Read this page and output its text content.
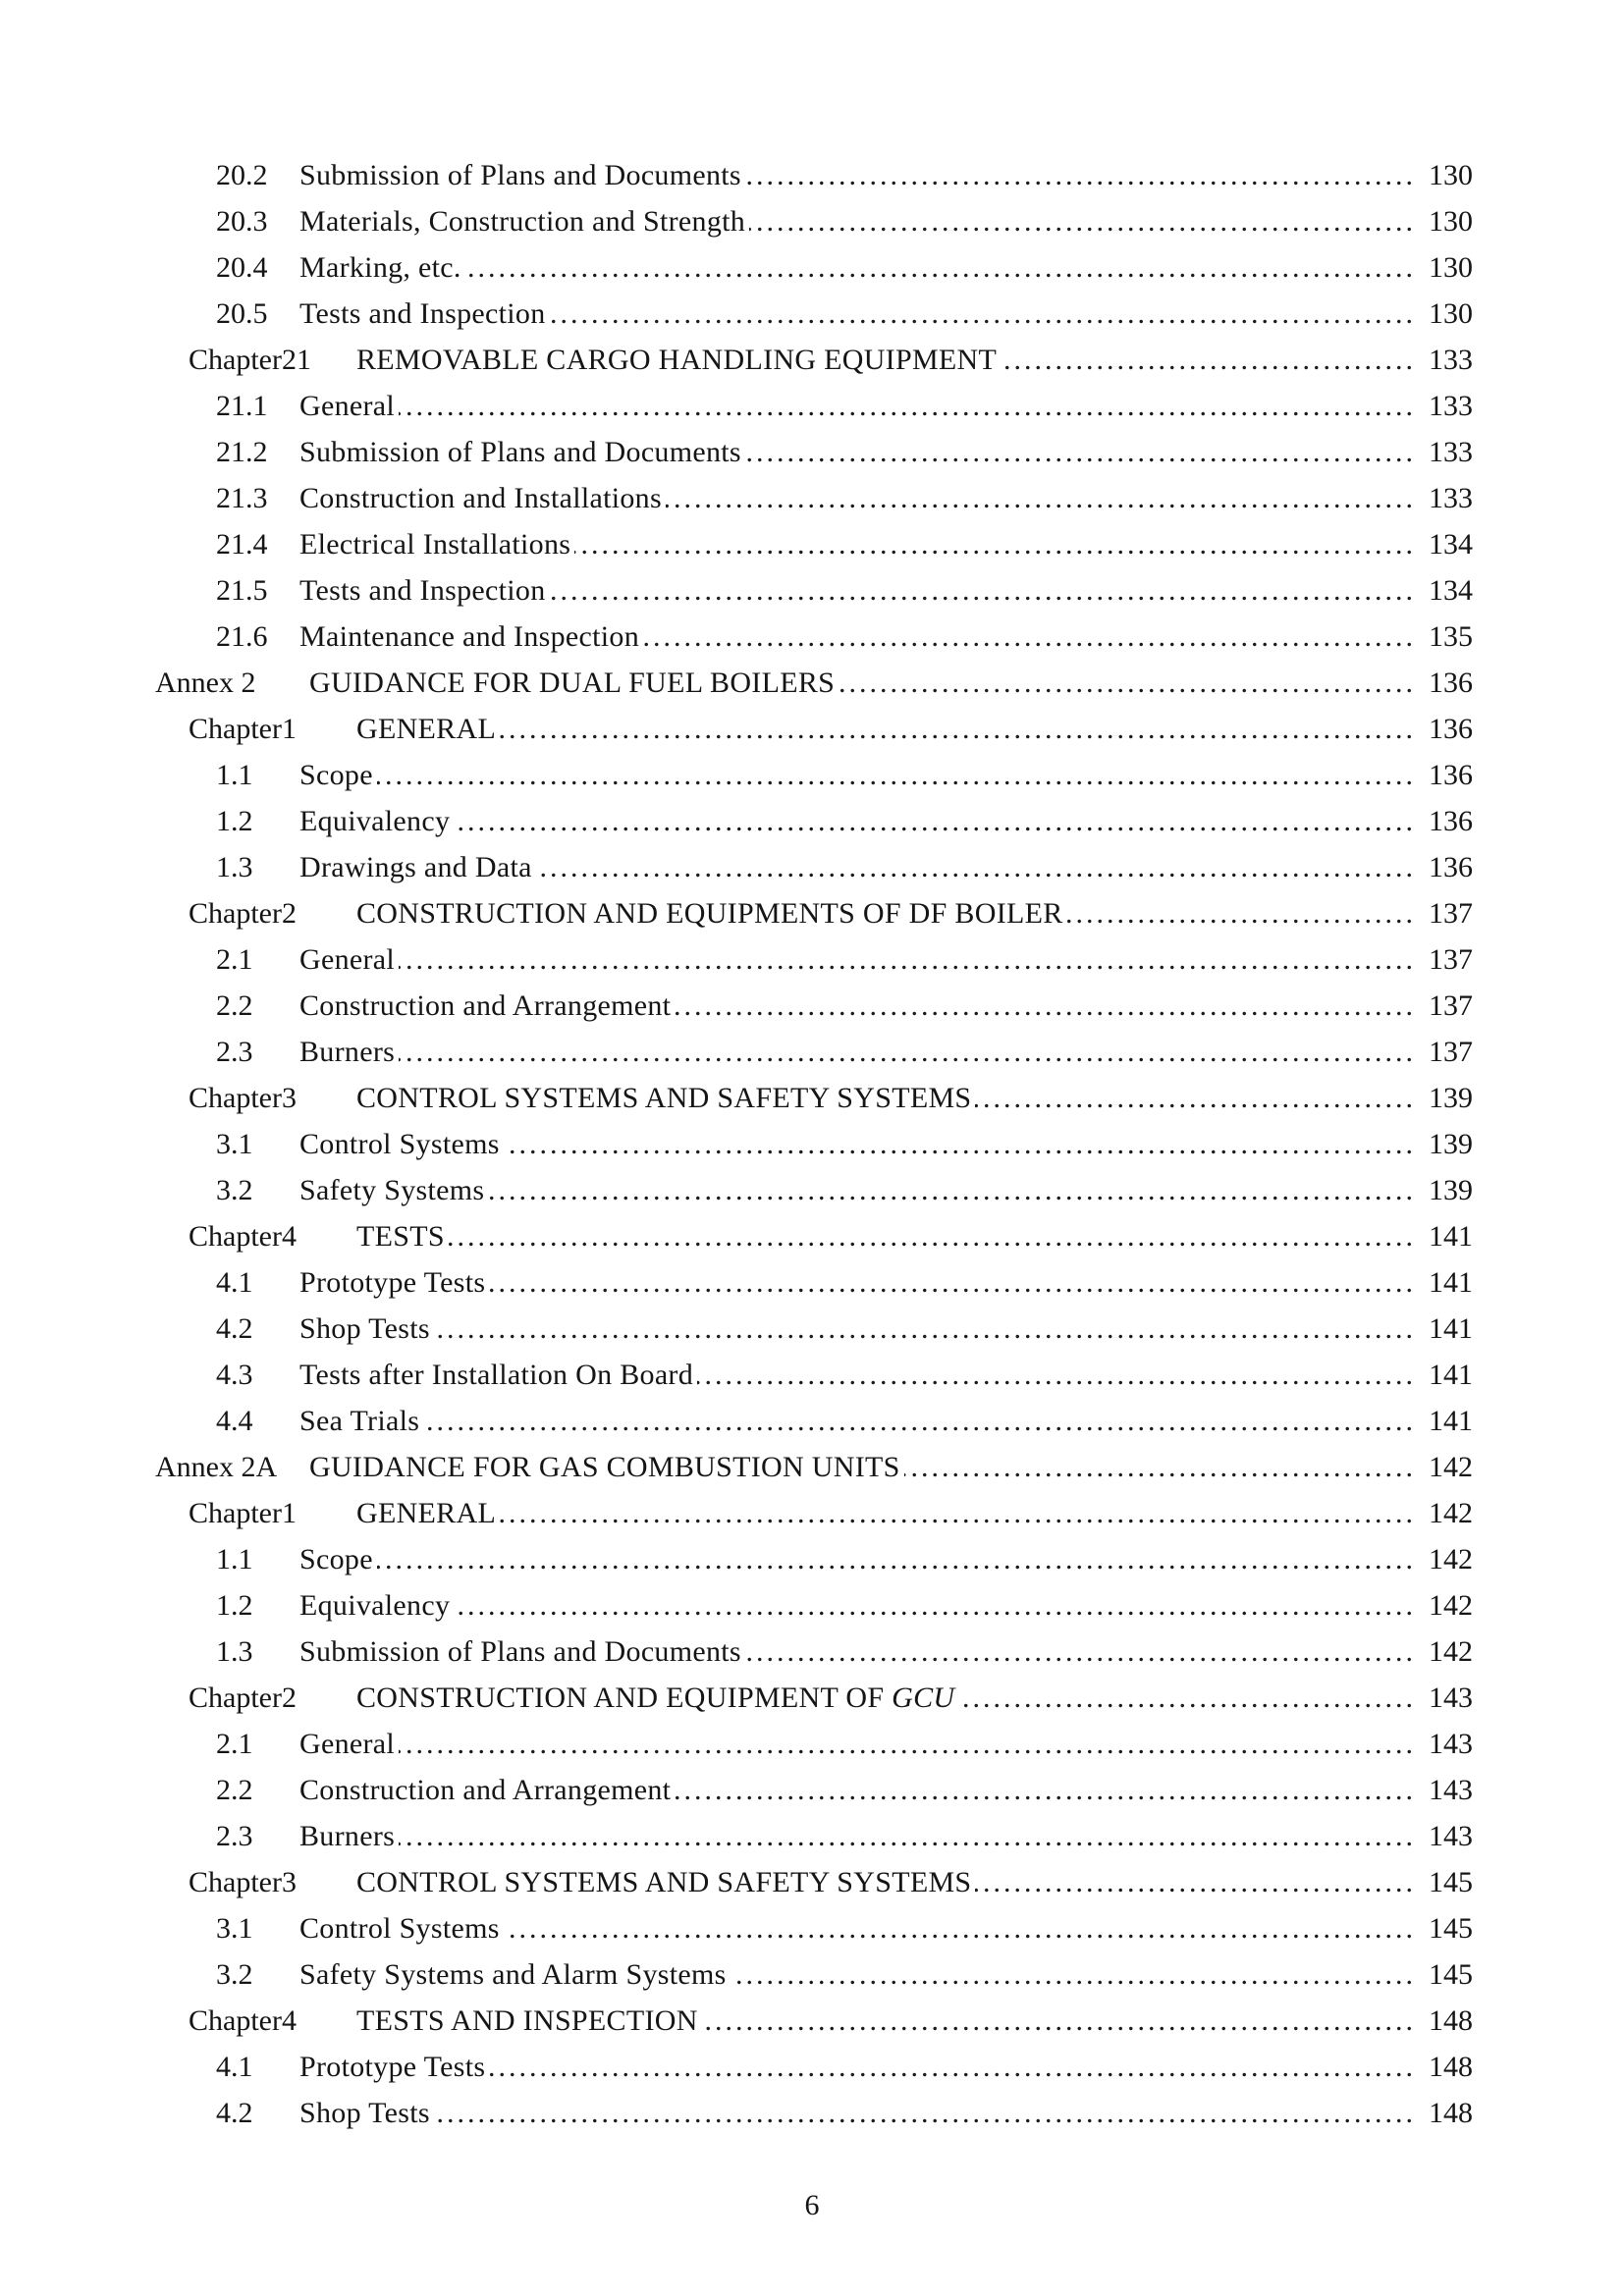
20.2	Submission of Plans and Documents .....	130
20.3	Materials, Construction and Strength .....	130
20.4	Marking, etc. .....	130
20.5	Tests and Inspection .....	130
Chapter21	REMOVABLE CARGO HANDLING EQUIPMENT .....	133
21.1	General .....	133
21.2	Submission of Plans and Documents .....	133
21.3	Construction and Installations .....	133
21.4	Electrical Installations .....	134
21.5	Tests and Inspection .....	134
21.6	Maintenance and Inspection .....	135
Annex 2	GUIDANCE FOR DUAL FUEL BOILERS .....	136
Chapter1	GENERAL .....	136
1.1	Scope .....	136
1.2	Equivalency .....	136
1.3	Drawings and Data .....	136
Chapter2	CONSTRUCTION AND EQUIPMENTS OF DF BOILER .....	137
2.1	General .....	137
2.2	Construction and Arrangement .....	137
2.3	Burners .....	137
Chapter3	CONTROL SYSTEMS AND SAFETY SYSTEMS .....	139
3.1	Control Systems .....	139
3.2	Safety Systems .....	139
Chapter4	TESTS .....	141
4.1	Prototype Tests .....	141
4.2	Shop Tests .....	141
4.3	Tests after Installation On Board .....	141
4.4	Sea Trials .....	141
Annex 2A	GUIDANCE FOR GAS COMBUSTION UNITS .....	142
Chapter1	GENERAL .....	142
1.1	Scope .....	142
1.2	Equivalency .....	142
1.3	Submission of Plans and Documents .....	142
Chapter2	CONSTRUCTION AND EQUIPMENT OF GCU .....	143
2.1	General .....	143
2.2	Construction and Arrangement .....	143
2.3	Burners .....	143
Chapter3	CONTROL SYSTEMS AND SAFETY SYSTEMS .....	145
3.1	Control Systems .....	145
3.2	Safety Systems and Alarm Systems .....	145
Chapter4	TESTS AND INSPECTION .....	148
4.1	Prototype Tests .....	148
4.2	Shop Tests .....	148
6
